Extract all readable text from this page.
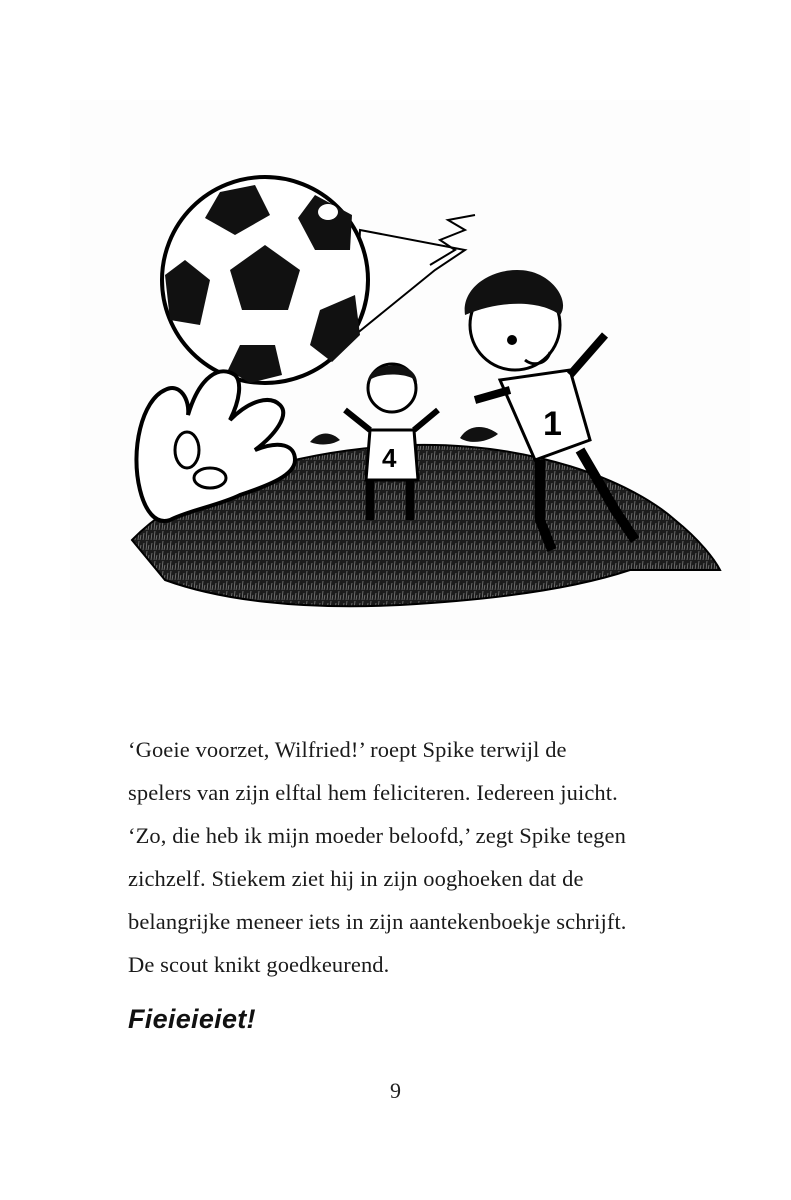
4
1

‘Goeie voorzet, Wilfried!’ roept Spike terwijl de

spelers van zijn elftal hem feliciteren. Iedereen juicht.

‘Zo, die heb ik mijn moeder beloofd,’ zegt Spike tegen

zichzelf. Stiekem ziet hij in zijn ooghoeken dat de

belangrijke meneer iets in zijn aantekenboekje schrijft.

De scout knikt goedkeurend.

Fieieieiet!
9
